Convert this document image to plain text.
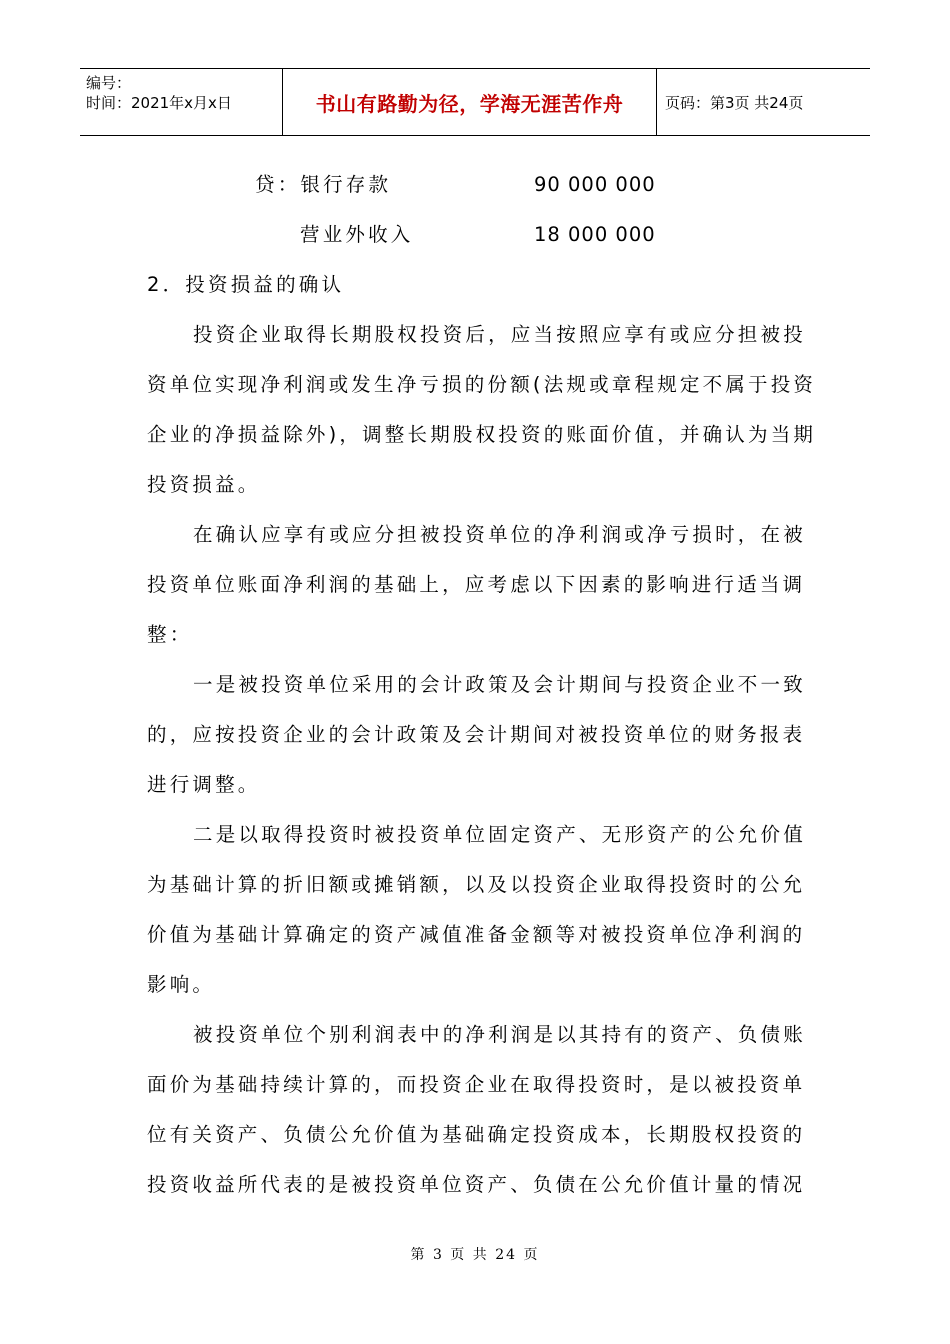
编号：
时间：2021年x月x日	书山有路勤为径，学海无涯苦作舟	页码：第3页 共24页
贷：银行存款	90 000 000
营业外收入	18 000 000
2．投资损益的确认
投资企业取得长期股权投资后，应当按照应享有或应分担被投
资单位实现净利润或发生净亏损的份额(法规或章程规定不属于投资
企业的净损益除外)，调整长期股权投资的账面价值，并确认为当期
投资损益。
在确认应享有或应分担被投资单位的净利润或净亏损时，在被
投资单位账面净利润的基础上，应考虑以下因素的影响进行适当调
整：
一是被投资单位采用的会计政策及会计期间与投资企业不一致
的，应按投资企业的会计政策及会计期间对被投资单位的财务报表
进行调整。
二是以取得投资时被投资单位固定资产、无形资产的公允价值
为基础计算的折旧额或摊销额，以及以投资企业取得投资时的公允
价值为基础计算确定的资产减值准备金额等对被投资单位净利润的
影响。
被投资单位个别利润表中的净利润是以其持有的资产、负债账
面价为基础持续计算的，而投资企业在取得投资时，是以被投资单
位有关资产、负债公允价值为基础确定投资成本，长期股权投资的
投资收益所代表的是被投资单位资产、负债在公允价值计量的情况
第 3 页 共 24 页
